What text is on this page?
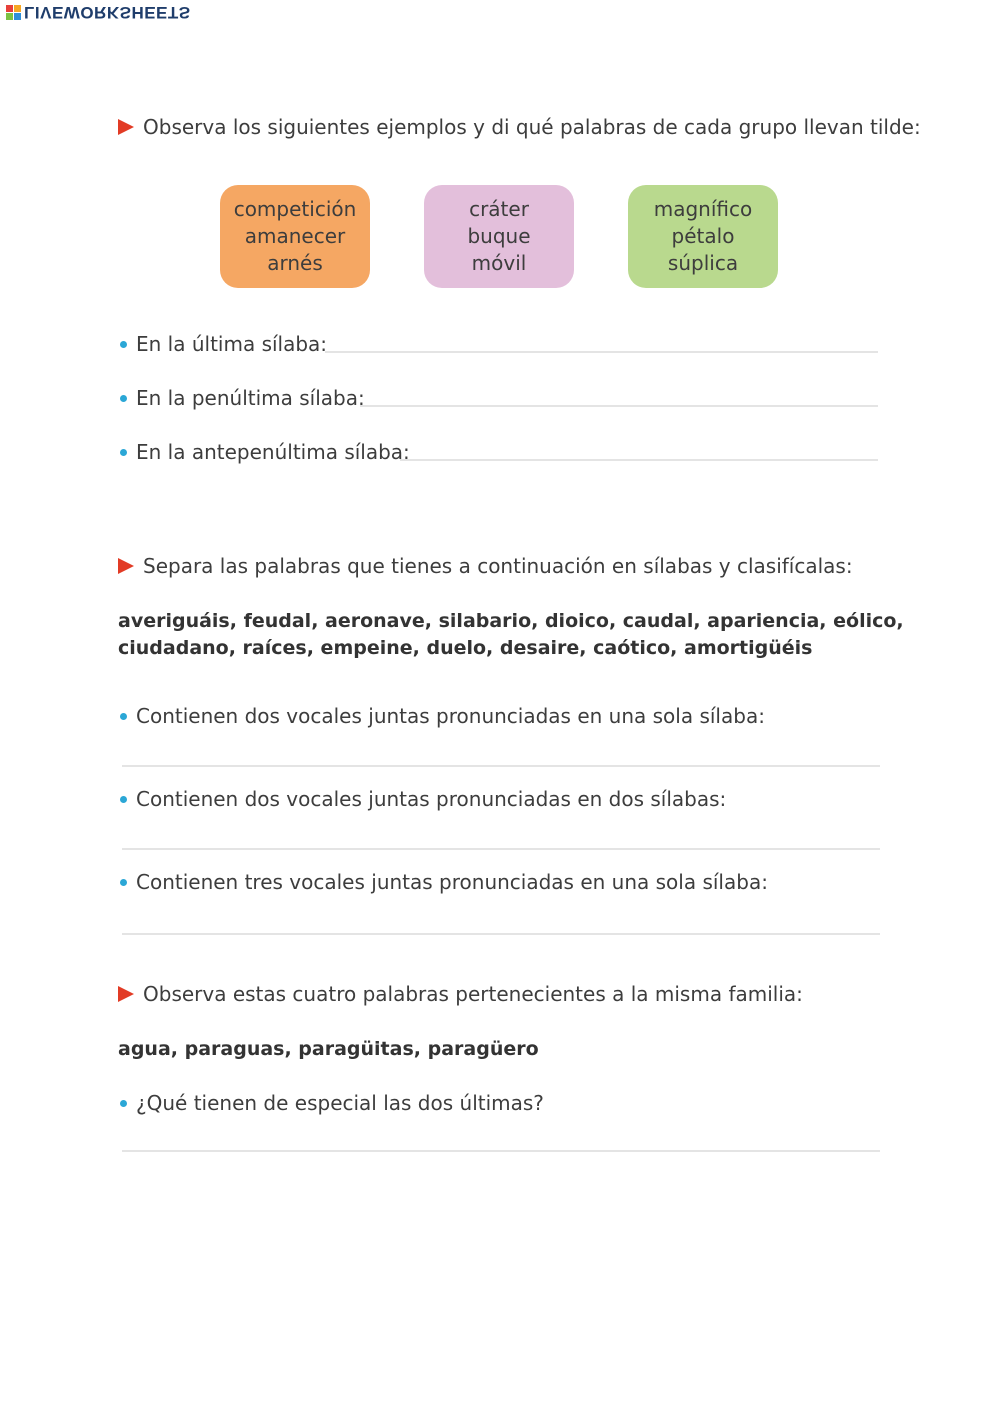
LIVEWORKSHEETS
Observa los siguientes ejemplos y di qué palabras de cada grupo llevan tilde:
competición
amanecer
arnés
cráter
buque
móvil
magnífico
pétalo
súplica
En la última sílaba:
En la penúltima sílaba:
En la antepenúltima sílaba:
Separa las palabras que tienes a continuación en sílabas y clasifícalas:
averiguáis, feudal, aeronave, silabario, dioico, caudal, apariencia, eólico,
ciudadano, raíces, empeine, duelo, desaire, caótico, amortigüéis
Contienen dos vocales juntas pronunciadas en una sola sílaba:
Contienen dos vocales juntas pronunciadas en dos sílabas:
Contienen tres vocales juntas pronunciadas en una sola sílaba:
Observa estas cuatro palabras pertenecientes a la misma familia:
agua, paraguas, paragüitas, paragüero
¿Qué tienen de especial las dos últimas?
